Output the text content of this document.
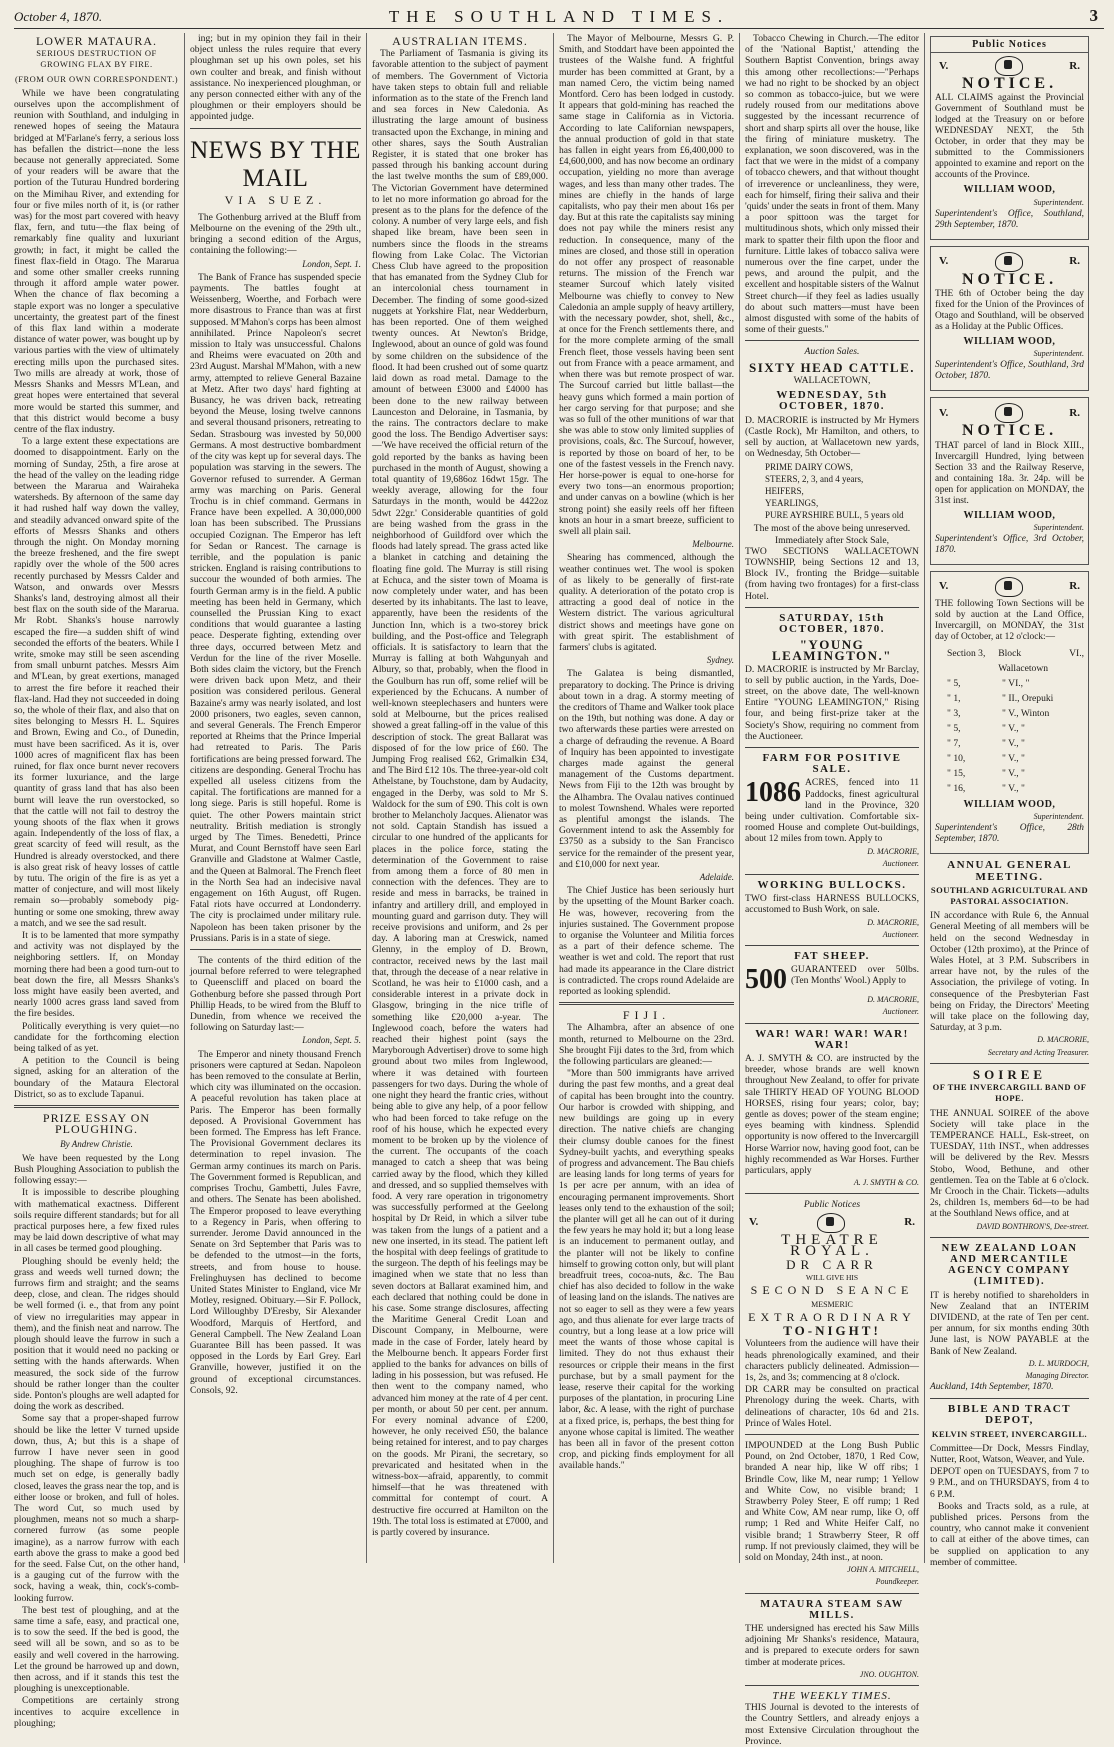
October 4, 1870.	THE SOUTHLAND TIMES.	3
LOWER MATAURA.
SERIOUS DESTRUCTION OF GROWING FLAX BY FIRE.
(FROM OUR OWN CORRESPONDENT.)

While we have been congratulating ourselves upon the accomplishment of reunion with Southland, and indulging in renewed hopes of seeing the Mataura bridged at M'Farlane's ferry, a serious loss has befallen the district—none the less because not generally appreciated. Some of your readers will be aware that the portion of the Tuturau Hundred bordering on the Mimihau River, and extending for four or five miles north of it, is (or rather was) for the most part covered with heavy flax, fern, and tutu—the flax being of remarkably fine quality and luxuriant growth; in fact, it might be called the finest flax-field in Otago. The Mararua and some other smaller creeks running through it afford ample water power. When the chance of flax becoming a staple export was no longer a speculative uncertainty, the greatest part of the finest of this flax land within a moderate distance of water power, was bought up by various parties with the view of ultimately erecting mills upon the purchased sites. Two mills are already at work, those of Messrs Shanks and Messrs M'Lean, and great hopes were entertained that several more would be started this summer, and that this district would become a busy centre of the flax industry.

To a large extent these expectations are doomed to disappointment. Early on the morning of Sunday, 25th, a fire arose at the head of the valley on the leading ridge between the Mararua and Wairaheka watersheds. By afternoon of the same day it had rushed half way down the valley, and steadily advanced onward spite of the efforts of Messrs Shanks and others through the night. On Monday morning the breeze freshened, and the fire swept rapidly over the whole of the 500 acres recently purchased by Messrs Calder and Watson, and onwards over Messrs Shanks's land, destroying almost all their best flax on the south side of the Mararua. Mr Robt. Shanks's house narrowly escaped the fire—a sudden shift of wind seconded the efforts of the beaters. While I write, smoke may still be seen ascending from small unburnt patches. Messrs Aim and M'Lean, by great exertions, managed to arrest the fire before it reached their flax-land. Had they not succeeded in doing so, the whole of their flax, and also that on sites belonging to Messrs H. L. Squires and Brown, Ewing and Co., of Dunedin, must have been sacrificed. As it is, over 1000 acres of magnificent flax has been ruined, for flax once burnt never recovers its former luxuriance, and the large quantity of grass land that has also been burnt will leave the run overstocked, so that the cattle will not fail to destroy the young shoots of the flax when it grows again. Independently of the loss of flax, a great scarcity of feed will result, as the Hundred is already overstocked, and there is also great risk of heavy losses of cattle by tutu. The origin of the fire is as yet a matter of conjecture, and will most likely remain so—probably somebody pig-hunting or some one smoking, threw away a match, and we see the sad result.

It is to be lamented that more sympathy and activity was not displayed by the neighboring settlers. If, on Monday morning there had been a good turn-out to beat down the fire, all Messrs Shanks's loss might have easily been averted, and nearly 1000 acres grass land saved from the fire besides.

Politically everything is very quiet—no candidate for the forthcoming election being talked of as yet.

A petition to the Council is being signed, asking for an alteration of the boundary of the Mataura Electoral District, so as to exclude Tapanui.

PRIZE ESSAY ON PLOUGHING.
By Andrew Christie.

We have been requested by the Long Bush Ploughing Association to publish the following essay:—

It is impossible to describe ploughing with mathematical exactness. Different soils require different standards; but for all practical purposes here, a few fixed rules may be laid down descriptive of what may in all cases be termed good ploughing.

Ploughing should be evenly held; the grass and weeds well turned down; the furrows firm and straight; and the seams deep, close, and clean. The ridges should be well formed (i. e., that from any point of view no irregularities may appear in them), and the finish neat and narrow. The plough should leave the furrow in such a position that it would need no packing or setting with the hands afterwards. When measured, the sock side of the furrow should be rather longer than the coulter side. Ponton's ploughs are well adapted for doing the work as described.

Some say that a proper-shaped furrow should be like the letter V turned upside down, thus, A; but this is a shape of furrow I have never seen in good ploughing. The shape of furrow is too much set on edge, is generally badly closed, leaves the grass near the top, and is either loose or broken, and full of holes. The word Cut, so much used by ploughmen, means not so much a sharp-cornered furrow (as some people imagine), as a narrow furrow with each earth above the grass to make a good bed for the seed. False Cut, on the other hand, is a gauging cut of the furrow with the sock, having a weak, thin, cock's-comb-looking furrow.

The best test of ploughing, and at the same time a safe, easy, and practical one, is to sow the seed. If the bed is good, the seed will all be sown, and so as to be easily and well covered in the harrowing. Let the ground be harrowed up and down, then across, and if it stands this test the ploughing is unexceptionable.

Competitions are certainly strong incentives to acquire excellence in ploughing;

ing; but in my opinion they fail in their object unless the rules require that every ploughman set up his own poles, set his own coulter and break, and finish without assistance. No inexperienced ploughman, or any person connected either with any of the ploughmen or their employers should be appointed judge.

NEWS BY THE MAIL
VIA SUEZ.

The Gothenburg arrived at the Bluff from Melbourne on the evening of the 29th ult., bringing a second edition of the Argus, containing the following:—

London, Sept. 1.

The Bank of France has suspended specie payments. The battles fought at Weissenberg, Woerthe, and Forbach were more disastrous to France than was at first supposed. M'Mahon's corps has been almost annihilated. Prince Napoleon's secret mission to Italy was unsuccessful. Chalons and Rheims were evacuated on 20th and 23rd August. Marshal M'Mahon, with a new army, attempted to relieve General Bazaine at Metz. After two days' hard fighting at Busancy, he was driven back, retreating beyond the Meuse, losing twelve cannons and several thousand prisoners, retreating to Sedan. Strasbourg was invested by 50,000 Germans. A most destructive bombardment of the city was kept up for several days. The population was starving in the sewers. The Governor refused to surrender. A German army was marching on Paris. General Trochu is in chief command. Germans in France have been expelled. A 30,000,000 loan has been subscribed. The Prussians occupied Cozignan. The Emperor has left for Sedan or Rancest. The carnage is terrible, and the population is panic stricken. England is raising contributions to succour the wounded of both armies. The fourth German army is in the field. A public meeting has been held in Germany, which counselled the Prussian King to exact conditions that would guarantee a lasting peace. Desperate fighting, extending over three days, occurred between Metz and Verdun for the line of the river Moselle. Both sides claim the victory, but the French were driven back upon Metz, and their position was considered perilous. General Bazaine's army was nearly isolated, and lost 2000 prisoners, two eagles, seven cannon, and several Generals. The French Emperor reported at Rheims that the Prince Imperial had retreated to Paris. The Paris fortifications are being pressed forward. The citizens are desponding. General Trochu has expelled all useless citizens from the capital. The fortifications are manned for a long siege. Paris is still hopeful. Rome is quiet. The other Powers maintain strict neutrality. British mediation is strongly urged by The Times. Benedetti, Prince Murat, and Count Bernstoff have seen Earl Granville and Gladstone at Walmer Castle, and the Queen at Balmoral. The French fleet in the North Sea had an indecisive naval engagement on 16th August, off Rugen. Fatal riots have occurred at Londonderry. The city is proclaimed under military rule. Napoleon has been taken prisoner by the Prussians. Paris is in a state of siege.

The contents of the third edition of the journal before referred to were telegraphed to Queenscliff and placed on board the Gothenburg before she passed through Port Phillip Heads, to be wired from the Bluff to Dunedin, from whence we received the following on Saturday last:—

London, Sept. 5.

The Emperor and ninety thousand French prisoners were captured at Sedan. Napoleon has been removed to the consulate at Berlin, which city was illuminated on the occasion. A peaceful revolution has taken place at Paris. The Emperor has been formally deposed. A Provisional Government has been formed. The Empress has left France. The Provisional Government declares its determination to repel invasion. The German army continues its march on Paris. The Government formed is Republican, and comprises Trochu, Gambetti, Jules Favre, and others. The Senate has been abolished. The Emperor proposed to leave everything to a Regency in Paris, when offering to surrender. Jerome David announced in the Senate on 3rd September that Paris was to be defended to the utmost—in the forts, streets, and from house to house. Frelinghuysen has declined to become United States Minister to England, vice Mr Motley, resigned. Obituary.—Sir F. Pollock, Lord Willoughby D'Eresby, Sir Alexander Woodford, Marquis of Hertford, and General Campbell. The New Zealand Loan Guarantee Bill has been passed. It was opposed in the Lords by Earl Grey. Earl Granville, however, justified it on the ground of exceptional circumstances. Consols, 92.

AUSTRALIAN ITEMS.

The Parliament of Tasmania is giving its favorable attention to the subject of payment of members. The Government of Victoria have taken steps to obtain full and reliable information as to the state of the French land and sea forces in New Caledonia. As illustrating the large amount of business transacted upon the Exchange, in mining and other shares, says the South Australian Register, it is stated that one broker has passed through his banking account during the last twelve months the sum of £89,000. The Victorian Government have determined to let no more information go abroad for the present as to the plans for the defence of the colony. A number of very large eels, and fish shaped like bream, have been seen in numbers since the floods in the streams flowing from Lake Colac. The Victorian Chess Club have agreed to the proposition that has emanated from the Sydney Club for an intercolonial chess tournament in December. The finding of some good-sized nuggets at Yorkshire Flat, near Wedderburn, has been reported. One of them weighed twenty ounces. At Newton's Bridge, Inglewood, about an ounce of gold was found by some children on the subsidence of the flood. It had been crushed out of some quartz laid down as road metal. Damage to the amount of between £3000 and £4000 has been done to the new railway between Launceston and Deloraine, in Tasmania, by the rains. The contractors declare to make good the loss. The Bendigo Advertiser says:—'We have received the official return of the gold reported by the banks as having been purchased in the month of August, showing a total quantity of 19,686oz 16dwt 15gr. The weekly average, allowing for the four Saturdays in the month, would be 4422oz 5dwt 22gr.' Considerable quantities of gold are being washed from the grass in the neighborhood of Guildford over which the floods had lately spread. The grass acted like a blanket in catching and detaining the floating fine gold. The Murray is still rising at Echuca, and the sister town of Moama is now completely under water, and has been deserted by its inhabitants. The last to leave, apparently, have been the residents of the Junction Inn, which is a two-storey brick building, and the Post-office and Telegraph officials. It is satisfactory to learn that the Murray is falling at both Wahgunyah and Albury, so that, probably, when the flood in the Goulburn has run off, some relief will be experienced by the Echucans. A number of well-known steeplechasers and hunters were sold at Melbourne, but the prices realised showed a great falling-off in the value of this description of stock. The great Ballarat was disposed of for the low price of £60. The Jumping Frog realised £62, Grimalkin £34, and The Bird £12 10s. The three-year-old colt Athelstane, by Touchstone, dam by Audacity, engaged in the Derby, was sold to Mr S. Waldock for the sum of £90. This colt is own brother to Melancholy Jacques. Alienator was not sold. Captain Standish has issued a circular to one hundred of the applicants for places in the police force, stating the determination of the Government to raise from among them a force of 80 men in connection with the defences. They are to reside and mess in barracks, be trained in infantry and artillery drill, and employed in mounting guard and garrison duty. They will receive provisions and uniform, and 2s per day. A laboring man at Creswick, named Glenny, in the employ of D. Brown, contractor, received news by the last mail that, through the decease of a near relative in Scotland, he was heir to £1000 cash, and a considerable interest in a private dock in Glasgow, bringing in the nice trifle of something like £20,000 a-year. The Inglewood coach, before the waters had reached their highest point (says the Maryborough Advertiser) drove to some high ground about two miles from Inglewood, where it was detained with fourteen passengers for two days. During the whole of one night they heard the frantic cries, without being able to give any help, of a poor fellow who had been forced to take refuge on the roof of his house, which he expected every moment to be broken up by the violence of the current. The occupants of the coach managed to catch a sheep that was being carried away by the flood, which they killed and dressed, and so supplied themselves with food. A very rare operation in trigonometry was successfully performed at the Geelong hospital by Dr Reid, in which a silver tube was taken from the lungs of a patient and a new one inserted, in its stead. The patient left the hospital with deep feelings of gratitude to the surgeon. The depth of his feelings may be imagined when we state that no less than seven doctors at Ballarat examined him, and each declared that nothing could be done in his case. Some strange disclosures, affecting the Maritime General Credit Loan and Discount Company, in Melbourne, were made in the case of Forder, lately heard by the Melbourne bench. It appears Forder first applied to the banks for advances on bills of lading in his possession, but was refused. He then went to the company named, who advanced him money at the rate of 4 per cent. per month, or about 50 per cent. per annum. For every nominal advance of £200, however, he only received £50, the balance being retained for interest, and to pay charges on the goods. Mr Pirani, the secretary, so prevaricated and hesitated when in the witness-box—afraid, apparently, to commit himself—that he was threatened with committal for contempt of court. A destructive fire occurred at Hamilton on the 19th. The total loss is estimated at £7000, and is partly covered by insurance.

The Mayor of Melbourne, Messrs G. P. Smith, and Stoddart have been appointed the trustees of the Walshe fund. A frightful murder has been committed at Grant, by a man named Cero, the victim being named Montford. Cero has been lodged in custody. It appears that gold-mining has reached the same stage in California as in Victoria. According to late Californian newspapers, the annual production of gold in that state has fallen in eight years from £6,400,000 to £4,600,000, and has now become an ordinary occupation, yielding no more than average wages, and less than many other trades. The mines are chiefly in the hands of large capitalists, who pay their men about 16s per day. But at this rate the capitalists say mining does not pay while the miners resist any reduction. In consequence, many of the mines are closed, and those still in operation do not offer any prospect of reasonable returns. The mission of the French war steamer Surcouf which lately visited Melbourne was chiefly to convey to New Caledonia an ample supply of heavy artillery, with the necessary powder, shot, shell, &c., at once for the French settlements there, and for the more complete arming of the small French fleet, those vessels having been sent out from France with a peace armament, and when there was but remote prospect of war. The Surcouf carried but little ballast—the heavy guns which formed a main portion of her cargo serving for that purpose; and she was so full of the other munitions of war that she was able to stow only limited supplies of provisions, coals, &c. The Surcouf, however, is reported by those on board of her, to be one of the fastest vessels in the French navy. Her horse-power is equal to one-horse for every two tons—an enormous proportion; and under canvas on a bowline (which is her strong point) she easily reels off her fifteen knots an hour in a smart breeze, sufficient to swell all plain sail.

Melbourne.

Shearing has commenced, although the weather continues wet. The wool is spoken of as likely to be generally of first-rate quality. A deterioration of the potato crop is attracting a good deal of notice in the Western district. The various agricultural district shows and meetings have gone on with great spirit. The establishment of farmers' clubs is agitated.

Sydney.

The Galatea is being dismantled, preparatory to docking. The Prince is driving about town in a drag. A stormy meeting of the creditors of Thame and Walker took place on the 19th, but nothing was done. A day or two afterwards these parties were arrested on a charge of defrauding the revenue. A Board of Inquiry has been appointed to investigate charges made against the general management of the Customs department. News from Fiji to the 12th was brought by the Alhambra. The Ovalau natives continued to molest Townshend. Whales were reported as plentiful amongst the islands. The Government intend to ask the Assembly for £3750 as a subsidy to the San Francisco service for the remainder of the present year, and £10,000 for next year.

Adelaide.

The Chief Justice has been seriously hurt by the upsetting of the Mount Barker coach. He was, however, recovering from the injuries sustained. The Government propose to organise the Volunteer and Militia forces as a part of their defence scheme. The weather is wet and cold. The report that rust had made its appearance in the Clare district is contradicted. The crops round Adelaide are reported as looking splendid.

FIJI.

The Alhambra, after an absence of one month, returned to Melbourne on the 23rd. She brought Fiji dates to the 3rd, from which the following particulars are gleaned:—

"More than 500 immigrants have arrived during the past few months, and a great deal of capital has been brought into the country. Our harbor is crowded with shipping, and new buildings are going up in every direction. The native chiefs are changing their clumsy double canoes for the finest Sydney-built yachts, and everything speaks of progress and advancement. The Bau chiefs are leasing lands for long terms of years for 1s per acre per annum, with an idea of encouraging permanent improvements. Short leases only tend to the exhaustion of the soil; the planter will get all he can out of it during the few years he may hold it; but a long lease is an inducement to permanent outlay, and the planter will not be likely to confine himself to growing cotton only, but will plant breadfruit trees, cocoa-nuts, &c. The Bau chief has also decided to follow in the wake of leasing land on the islands. The natives are not so eager to sell as they were a few years ago, and thus alienate for ever large tracts of country, but a long lease at a low price will meet the wants of those whose capital is limited. They do not thus exhaust their resources or cripple their means in the first purchase, but by a small payment for the lease, reserve their capital for the working purposes of the plantation, in procuring Line labor, &c. A lease, with the right of purchase at a fixed price, is, perhaps, the best thing for anyone whose capital is limited. The weather has been all in favor of the present cotton crop, and picking finds employment for all available hands."

Tobacco Chewing in Church.—The editor of the 'National Baptist,' attending the Southern Baptist Convention, brings away this among other recollections:—"Perhaps we had no right to be shocked by an object so common as tobacco-juice, but we were rudely roused from our meditations above suggested by the incessant recurrence of short and sharp spirts all over the house, like the firing of miniature musketry. The explanation, we soon discovered, was in the fact that we were in the midst of a company of tobacco chewers, and that without thought of irreverence or uncleanliness, they were, each for himself, firing their saliva and their 'quids' under the seats in front of them. Many a poor spittoon was the target for multitudinous shots, which only missed their mark to spatter their filth upon the floor and furniture. Little lakes of tobacco saliva were numerous over the fine carpet, under the pews, and around the pulpit, and the excellent and hospitable sisters of the Walnut Street church—if they feel as ladies usually do about such matters—must have been almost disgusted with some of the habits of some of their guests."

Auction Sales.
SIXTY HEAD CATTLE.
WALLACETOWN,
WEDNESDAY, 5th OCTOBER, 1870.

D. MACRORIE is instructed by Mr Hymers (Castle Rock), Mr Hamilton, and others, to sell by auction, at Wallacetown new yards, on Wednesday, 5th October—

PRIME DAIRY COWS,
STEERS, 2, 3, and 4 years,
HEIFERS,
YEARLINGS,
PURE AYRSHIRE BULL, 5 years old
The most of the above being unreserved.
Immediately after Stock Sale,

TWO SECTIONS WALLACETOWN TOWNSHIP, being Sections 12 and 13, Block IV., fronting the Bridge—suitable (from having two frontages) for a first-class Hotel.

SATURDAY, 15th OCTOBER, 1870.
"YOUNG LEAMINGTON."

D. MACRORIE is instructed by Mr Barclay, to sell by public auction, in the Yards, Doe-street, on the above date, The well-known Entire "YOUNG LEAMINGTON," Rising four, and being first-prize taker at the Society's Show, requiring no comment from the Auctioneer.

FARM FOR POSITIVE SALE.
1086 ACRES, fenced into 11 Paddocks, finest agricultural land in the Province, 320 being under cultivation. Comfortable six-roomed House and complete Out-buildings, about 12 miles from town. Apply to

D. MACRORIE,
Auctioneer.
WORKING BULLOCKS.

TWO first-class HARNESS BULLOCKS, accustomed to Bush Work, on sale.

D. MACRORIE,
Auctioneer.
FAT SHEEP.
500 GUARANTEED over 50lbs. (Ten Months' Wool.) Apply to

D. MACRORIE,
Auctioneer.
WAR! WAR! WAR! WAR! WAR!

A. J. SMYTH & CO. are instructed by the breeder, whose brands are well known throughout New Zealand, to offer for private sale THIRTY HEAD OF YOUNG BLOOD HORSES, rising four years; color, bay; gentle as doves; power of the steam engine; eyes beaming with kindness. Splendid opportunity is now offered to the Invercargill Horse Warrior now, having good foot, can be highly recommended as War Horses. Further particulars, apply

A. J. SMYTH & CO.
Public Notices
V.	R.
THEATRE ROYAL.
DR CARR
WILL GIVE HIS
SECOND SEANCE
MESMERIC
EXTRAORDINARY
TO-NIGHT!

Volunteers from the audience will have their heads phrenologically examined, and their characters publicly delineated. Admission—1s, 2s, and 3s; commencing at 8 o'clock.

DR CARR may be consulted on practical Phrenology during the week. Charts, with delineations of character, 10s 6d and 21s. Prince of Wales Hotel.

IMPOUNDED at the Long Bush Public Pound, on 2nd October, 1870, 1 Red Cow, branded A near hip, like W off ribs; 1 Brindle Cow, like M, near rump; 1 Yellow and White Cow, no visible brand; 1 Strawberry Poley Steer, E off rump; 1 Red and White Cow, AM near rump, like O, off rump; 1 Red and White Heifer Calf, no visible brand; 1 Strawberry Steer, R off rump. If not previously claimed, they will be sold on Monday, 24th inst., at noon.

JOHN A. MITCHELL,
Poundkeeper.
MATAURA STEAM SAW MILLS.

THE undersigned has erected his Saw Mills adjoining Mr Shanks's residence, Mataura, and is prepared to execute orders for sawn timber at moderate prices.

JNO. OUGHTON.
THE WEEKLY TIMES.

THIS Journal is devoted to the interests of the Country Settlers, and already enjoys a most Extensive Circulation throughout the Province.

Public Notices
V.	R.
NOTICE.
ALL CLAIMS against the Provincial Government of Southland must be lodged at the Treasury on or before WEDNESDAY NEXT, the 5th October, in order that they may be submitted to the Commissioners appointed to examine and report on the accounts of the Province.
WILLIAM WOOD,
Superintendent.
Superintendent's Office, Southland, 29th September, 1870.
V.	R.
NOTICE.
THE 6th of October being the day fixed for the Union of the Provinces of Otago and Southland, will be observed as a Holiday at the Public Offices.
WILLIAM WOOD,
Superintendent.
Superintendent's Office, Southland, 3rd October, 1870.
V.	R.
NOTICE.
THAT parcel of land in Block XIII., Invercargill Hundred, lying between Section 33 and the Railway Reserve, and containing 18a. 3r. 24p. will be open for application on MONDAY, the 31st inst.
WILLIAM WOOD,
Superintendent.
Superintendent's Office, 3rd October, 1870.
V.	R.
THE following Town Sections will be sold by auction at the Land Office, Invercargill, on MONDAY, the 31st day of October, at 12 o'clock:—
Section 3,	Block VI., Wallacetown
" 5,	" VI., "
" 1,	" II., Orepuki
" 3,	" V., Winton
" 5,	" V., "
" 7,	" V., "
" 10,	" V., "
" 15,	" V., "
" 16,	" V., "
WILLIAM WOOD,
Superintendent.
Superintendent's Office, 28th September, 1870.
ANNUAL GENERAL MEETING.
SOUTHLAND AGRICULTURAL AND PASTORAL ASSOCIATION.

IN accordance with Rule 6, the Annual General Meeting of all members will be held on the second Wednesday in October (12th proximo), at the Prince of Wales Hotel, at 3 P.M. Subscribers in arrear have not, by the rules of the Association, the privilege of voting. In consequence of the Presbyterian Fast being on Friday, the Directors' Meeting will take place on the following day, Saturday, at 3 p.m.

D. MACRORIE,
Secretary and Acting Treasurer.
SOIREE
OF THE INVERCARGILL BAND OF HOPE.

THE ANNUAL SOIREE of the above Society will take place in the TEMPERANCE HALL, Esk-street, on TUESDAY, 11th INST., when addresses will be delivered by the Rev. Messrs Stobo, Wood, Bethune, and other gentlemen. Tea on the Table at 6 o'clock. Mr Crooch in the Chair. Tickets—adults 2s, children 1s, members 6d—to be had at the Southland News office, and at

DAVID BONTHRON'S, Dee-street.
NEW ZEALAND LOAN AND MERCANTILE AGENCY COMPANY (LIMITED).

IT is hereby notified to shareholders in New Zealand that an INTERIM DIVIDEND, at the rate of Ten per cent. per annum, for six months ending 30th June last, is NOW PAYABLE at the Bank of New Zealand.

D. L. MURDOCH,
Managing Director.
Auckland, 14th September, 1870.
BIBLE AND TRACT DEPOT,
KELVIN STREET, INVERCARGILL.

Committee—Dr Dock, Messrs Findlay, Nutter, Root, Watson, Weaver, and Yule.

DEPOT open on TUESDAYS, from 7 to 9 P.M., and on THURSDAYS, from 4 to 6 P.M.

Books and Tracts sold, as a rule, at published prices. Persons from the country, who cannot make it convenient to call at either of the above times, can be supplied on application to any member of committee.
